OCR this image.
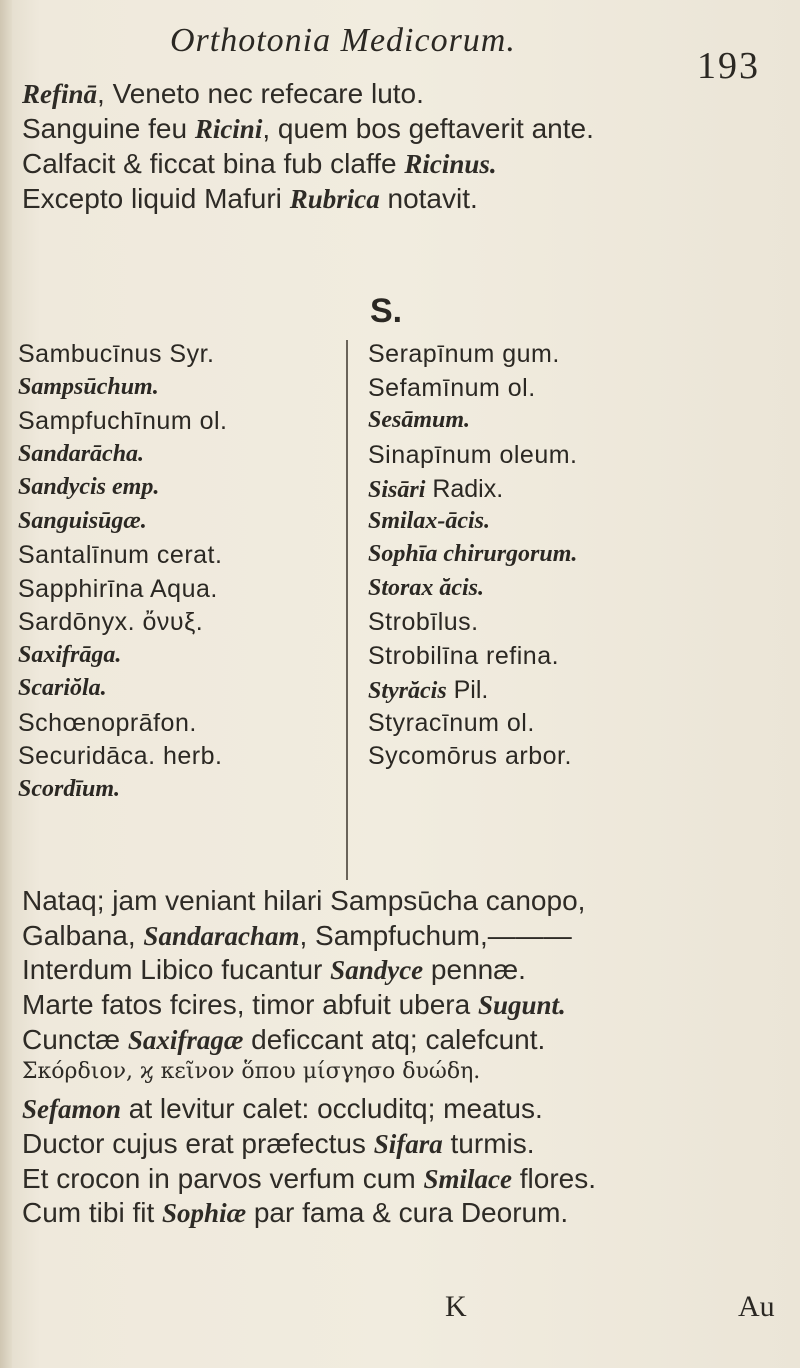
Orthotonia Medicorum.
193
Refinā, Veneto nec refecare luto.
Sanguine feu Ricini, quem bos geftaverit ante.
Calfacit & ficcat bina fub claffe Ricinus.
Excepto liquid Mafuri Rubrica notavit.
S.
Sambucīnus Syr.
Sampsūchum.
Sampfuchīnum ol.
Sandarācha.
Sandycis emp.
Sanguisūgæ.
Santalīnum cerat.
Sapphirīna Aqua.
Sardōnyx. ὄνυξ.
Saxifrāga.
Scariŏla.
Schœnoprāfon.
Securidāca. herb.
Scordīum.
Serapīnum gum.
Sefamīnum ol.
Sesāmum.
Sinapīnum oleum.
Sisāri Radix.
Smilax-ācis.
Sophīa chirurgorum.
Storax ăcis.
Strobīlus.
Strobilīna refina.
Styrăcis Pil.
Styracīnum ol.
Sycomōrus arbor.
Nataq; jam veniant hilari Sampsūcha canopo,
Galbana, Sandaracham, Sampfuchum,———
Interdum Libico fucantur Sandyce pennæ.
Marte fatos fcires, timor abfuit ubera Sugunt.
Cunctæ Saxifragæ deficcant atq; calefcunt.
Σκόρδιον, ϗ κεῖνον ὅπου μίσγησο δυώδη.
Sefamon at levitur calet: occluditq; meatus.
Ductor cujus erat præfectus Sifara turmis.
Et crocon in parvos verfum cum Smilace flores.
Cum tibi fit Sophiæ par fama & cura Deorum.
K	Au
